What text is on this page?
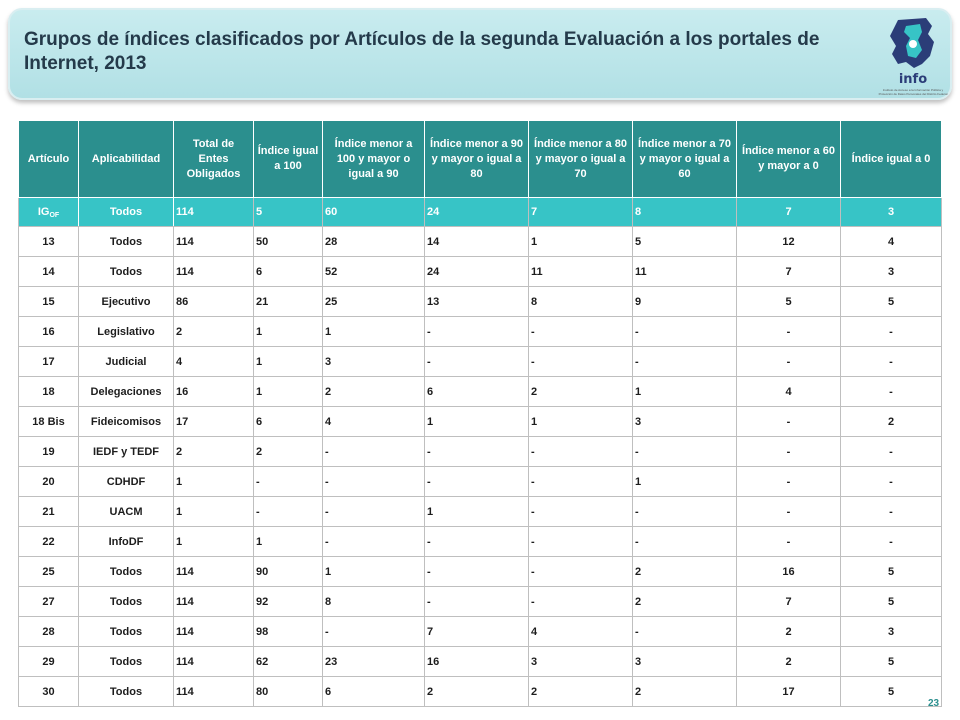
Grupos de índices clasificados por Artículos de la segunda Evaluación a los portales de Internet, 2013
info
Instituto de Acceso a la Información Pública y Protección de Datos Personales del Distrito Federal
Artículo	Aplicabilidad	Total de Entes Obligados	Índice igual a 100	Índice menor a 100 y mayor o igual a 90	Índice menor a 90 y mayor o igual a 80	Índice menor a 80 y mayor o igual a 70	Índice menor a 70 y mayor o igual a 60	Índice menor a 60 y mayor a 0	Índice igual a 0
$IG_{OF}$	Todos	114	5	60	24	7	8	7	3
13	Todos	114	50	28	14	1	5	12	4
14	Todos	114	6	52	24	11	11	7	3
15	Ejecutivo	86	21	25	13	8	9	5	5
16	Legislativo	2	1	1	-	-	-	-	-
17	Judicial	4	1	3	-	-	-	-	-
18	Delegaciones	16	1	2	6	2	1	4	-
18 Bis	Fideicomisos	17	6	4	1	1	3	-	2
19	IEDF y TEDF	2	2	-	-	-	-	-	-
20	CDHDF	1	-	-	-	-	1	-	-
21	UACM	1	-	-	1	-	-	-	-
22	InfoDF	1	1	-	-	-	-	-	-
25	Todos	114	90	1	-	-	2	16	5
27	Todos	114	92	8	-	-	2	7	5
28	Todos	114	98	-	7	4	-	2	3
29	Todos	114	62	23	16	3	3	2	5
30	Todos	114	80	6	2	2	2	17	5
23
